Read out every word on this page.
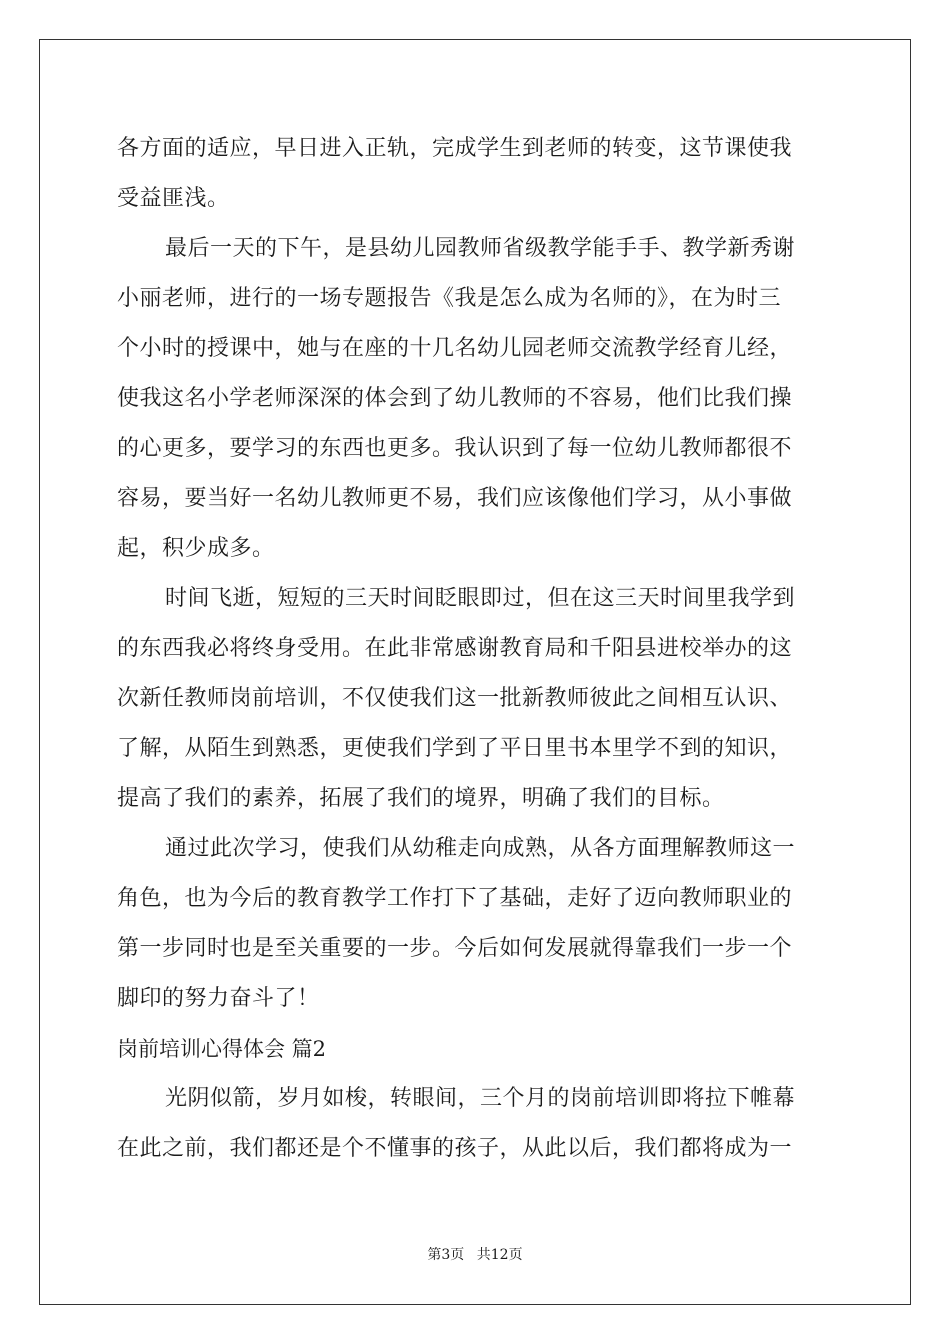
各方面的适应，早日进入正轨，完成学生到老师的转变，这节课使我
受益匪浅。
最后一天的下午，是县幼儿园教师省级教学能手手、教学新秀谢
小丽老师，进行的一场专题报告《我是怎么成为名师的》，在为时三
个小时的授课中，她与在座的十几名幼儿园老师交流教学经育儿经，
使我这名小学老师深深的体会到了幼儿教师的不容易，他们比我们操
的心更多，要学习的东西也更多。我认识到了每一位幼儿教师都很不
容易，要当好一名幼儿教师更不易，我们应该像他们学习，从小事做
起，积少成多。
时间飞逝，短短的三天时间眨眼即过，但在这三天时间里我学到
的东西我必将终身受用。在此非常感谢教育局和千阳县进校举办的这
次新任教师岗前培训，不仅使我们这一批新教师彼此之间相互认识、
了解，从陌生到熟悉，更使我们学到了平日里书本里学不到的知识，
提高了我们的素养，拓展了我们的境界，明确了我们的目标。
通过此次学习，使我们从幼稚走向成熟，从各方面理解教师这一
角色，也为今后的教育教学工作打下了基础，走好了迈向教师职业的
第一步同时也是至关重要的一步。今后如何发展就得靠我们一步一个
脚印的努力奋斗了！
岗前培训心得体会 篇2
光阴似箭，岁月如梭，转眼间，三个月的岗前培训即将拉下帷幕
在此之前，我们都还是个不懂事的孩子，从此以后，我们都将成为一
第3页 共12页
